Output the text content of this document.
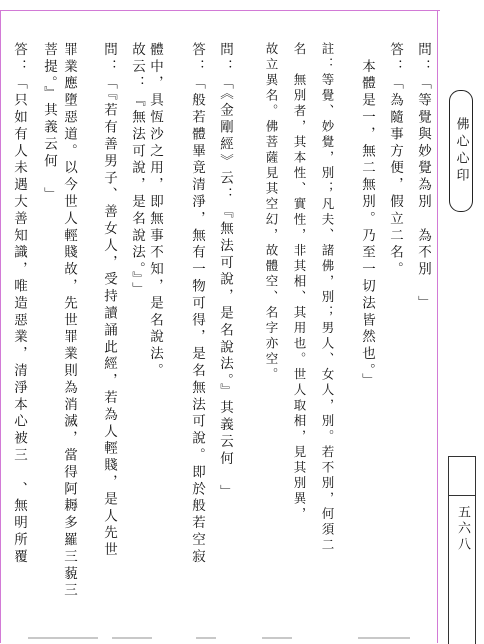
問：「等覺與妙覺為別　為不別　」
答：「為隨事方便，假立二名。
　本體是一，無二無別。乃至一切法皆然也。」
註：等覺、妙覺，別；凡夫、諸佛，別；男人、女人，別。若不別，何須二
名　無別者，其本性、實性，非其相、其用也。世人取相，見其別異，
故立異名。佛菩薩見其空幻，故體空、名字亦空。
問：「《金剛經》云：『無法可說，是名說法。』其義云何　」
答：「般若體畢竟清淨，無有一物可得，是名無法可說。即於般若空寂
體中，具恆沙之用，即無事不知，是名說法。
故云：『無法可說，是名說法。』」
問：「『若有善男子、善女人，受持讀誦此經，若為人輕賤，是人先世
罪業應墮惡道。以今世人輕賤故，先世罪業則為消滅，當得阿耨多羅三藐三
菩提。』其義云何　」
答：「只如有人未遇大善知識，唯造惡業，清淨本心被三　、無明所覆	佛心心印
五六八
